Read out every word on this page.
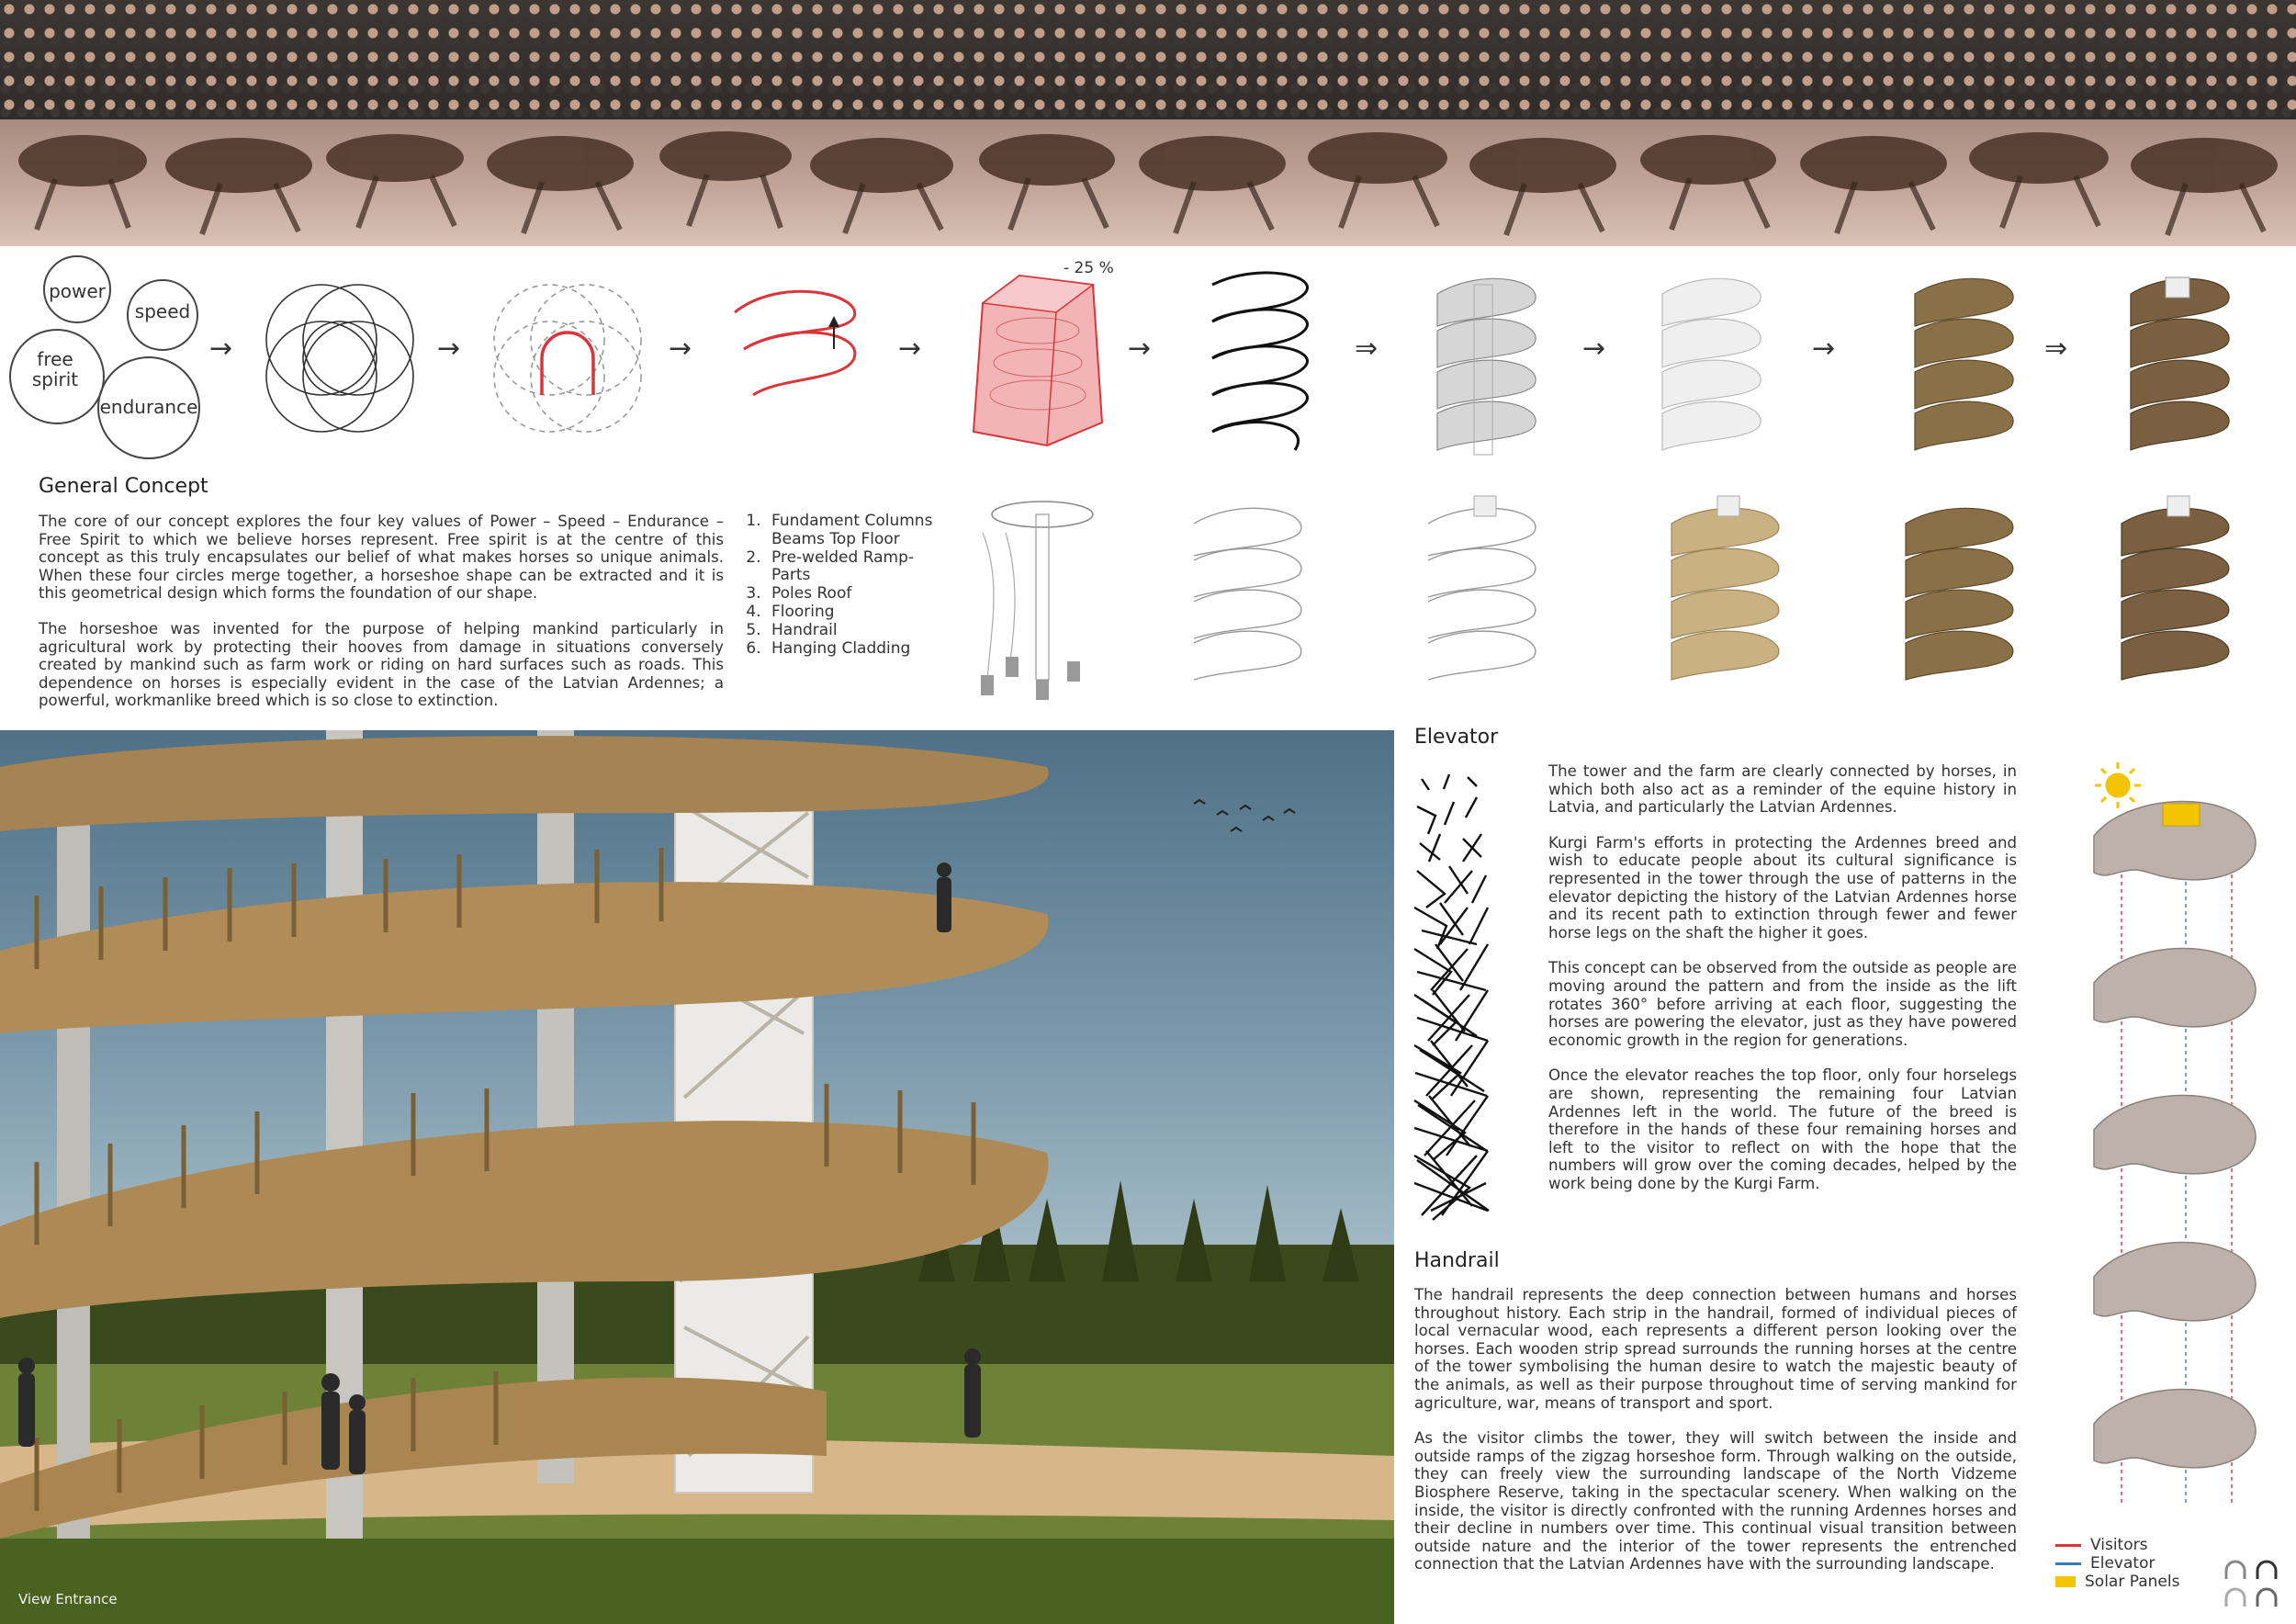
power
speed
free spirit
endurance
→	→	→	→
- 25 %
→	⇒	→	→	⇒
General Concept

The core of our concept explores the four key values of Power – Speed – Endurance – Free Spirit to which we believe horses represent. Free spirit is at the centre of this concept as this truly encapsulates our belief of what makes horses so unique animals. When these four circles merge together, a horseshoe shape can be extracted and it is this geometrical design which forms the foundation of our shape.

The horseshoe was invented for the purpose of helping mankind particularly in agricultural work by protecting their hooves from damage in situations conversely created by mankind such as farm work or riding on hard surfaces such as roads. This dependence on horses is especially evident in the case of the Latvian Ardennes; a powerful, workmanlike breed which is so close to extinction.

1. Fundament Columns Beams Top Floor
2. Pre-welded Ramp-Parts
3. Poles Roof
4. Flooring
5. Handrail
6. Hanging Cladding
View Entrance
Elevator

The tower and the farm are clearly connected by horses, in which both also act as a reminder of the equine history in Latvia, and particularly the Latvian Ardennes.

Kurgi Farm's efforts in protecting the Ardennes breed and wish to educate people about its cultural significance is represented in the tower through the use of patterns in the elevator depicting the history of the Latvian Ardennes horse and its recent path to extinction through fewer and fewer horse legs on the shaft the higher it goes.

This concept can be observed from the outside as people are moving around the pattern and from the inside as the lift rotates 360° before arriving at each floor, suggesting the horses are powering the elevator, just as they have powered economic growth in the region for generations.

Once the elevator reaches the top floor, only four horselegs are shown, representing the remaining four Latvian Ardennes left in the world. The future of the breed is therefore in the hands of these four remaining horses and left to the visitor to reflect on with the hope that the numbers will grow over the coming decades, helped by the work being done by the Kurgi Farm.

Handrail

The handrail represents the deep connection between humans and horses throughout history. Each strip in the handrail, formed of individual pieces of local vernacular wood, each represents a different person looking over the horses. Each wooden strip spread surrounds the running horses at the centre of the tower symbolising the human desire to watch the majestic beauty of the animals, as well as their purpose throughout time of serving mankind for agriculture, war, means of transport and sport.

As the visitor climbs the tower, they will switch between the inside and outside ramps of the zigzag horseshoe form. Through walking on the outside, they can freely view the surrounding landscape of the North Vidzeme Biosphere Reserve, taking in the spectacular scenery. When walking on the inside, the visitor is directly confronted with the running Ardennes horses and their decline in numbers over time. This continual visual transition between outside nature and the interior of the tower represents the entrenched connection that the Latvian Ardennes have with the surrounding landscape.

Visitors
Elevator
Solar Panels
